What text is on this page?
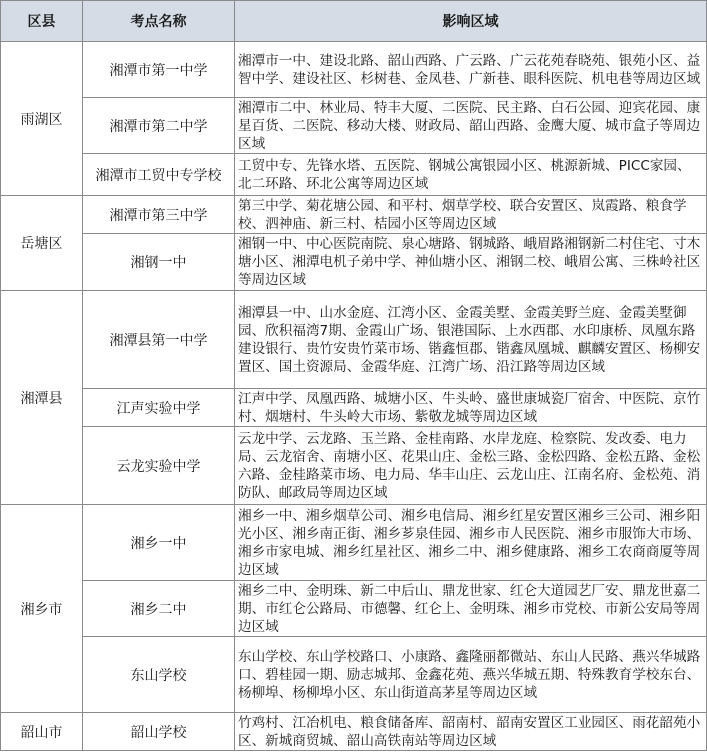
区县	考点名称	影响区域
雨湖区	湘潭市第一中学	湘潭市一中、建设北路、韶山西路、广云路、广云花苑春晓苑、银苑小区、益智中学、建设社区、杉树巷、金凤巷、广新巷、眼科医院、机电巷等周边区域

	湘潭市第二中学	湘潭市二中、林业局、特丰大厦、二医院、民主路、白石公园、迎宾花园、康星百货、二医院、移动大楼、财政局、韶山西路、金鹰大厦、城市盒子等周边区域

	湘潭市工贸中专学校	工贸中专、先锋水塔、五医院、钢城公寓银园小区、桃源新城、PICC家园、北二环路、环北公寓等周边区域

岳塘区	湘潭市第三中学	第三中学、菊花塘公园、和平村、烟草学校、联合安置区、岚霞路、粮食学校、泗神庙、新三村、桔园小区等周边区域

	湘钢一中	湘钢一中、中心医院南院、泉心塘路、钢城路、峨眉路湘钢新二村住宅、寸木塘小区、湘潭电机子弟中学、神仙塘小区、湘钢二校、峨眉公寓、三株岭社区等周边区域

湘潭县	湘潭县第一中学	湘潭县一中、山水金庭、江湾小区、金霞美墅、金霞美野兰庭、金霞美墅御园、欣积福湾7期、金霞山广场、银港国际、上水西郡、水印康桥、凤凰东路建设银行、贵竹安贵竹菜市场、锴鑫恒郡、锴鑫凤凰城、麒麟安置区、杨柳安置区、国土资源局、金霞华庭、江湾广场、沿江路等周边区域

	江声实验中学	江声中学、凤凰西路、城塘小区、牛头岭、盛世康城瓷厂宿舍、中医院、京竹村、烟塘村、牛头岭大市场、紫敬龙城等周边区域

	云龙实验中学	云龙中学、云龙路、玉兰路、金桂南路、水岸龙庭、检察院、发改委、电力局、云龙宿舍、南塘小区、花果山庄、金松三路、金松四路、金松五路、金松六路、金桂路菜市场、电力局、华丰山庄、云龙山庄、江南名府、金松苑、消防队、邮政局等周边区域

湘乡市	湘乡一中	湘乡一中、湘乡烟草公司、湘乡电信局、湘乡红星安置区湘乡三公司、湘乡阳光小区、湘乡南正街、湘乡芗泉佳园、湘乡市人民医院、湘乡市服饰大市场、湘乡市家电城、湘乡红星社区、湘乡二中、湘乡健康路、湘乡工农商商厦等周边区域

	湘乡二中	湘乡二中、金明珠、新二中后山、鼎龙世家、红仑大道园艺厂安、鼎龙世嘉二期、市红仑公路局、市德馨、红仑上、金明珠、湘乡市党校、市新公安局等周边区域

	东山学校	东山学校、东山学校路口、小康路、鑫隆丽都微站、东山人民路、燕兴华城路口、碧桂园一期、励志城邦、金鑫花苑、燕兴华城五期、特殊教育学校东台、杨柳埠、杨柳埠小区、东山街道高茅星等周边区域

韶山市	韶山学校	竹鸡村、江冶机电、粮食储备库、韶南村、韶南安置区工业园区、雨花韶苑小区、新城商贸城、韶山高铁南站等周边区域
